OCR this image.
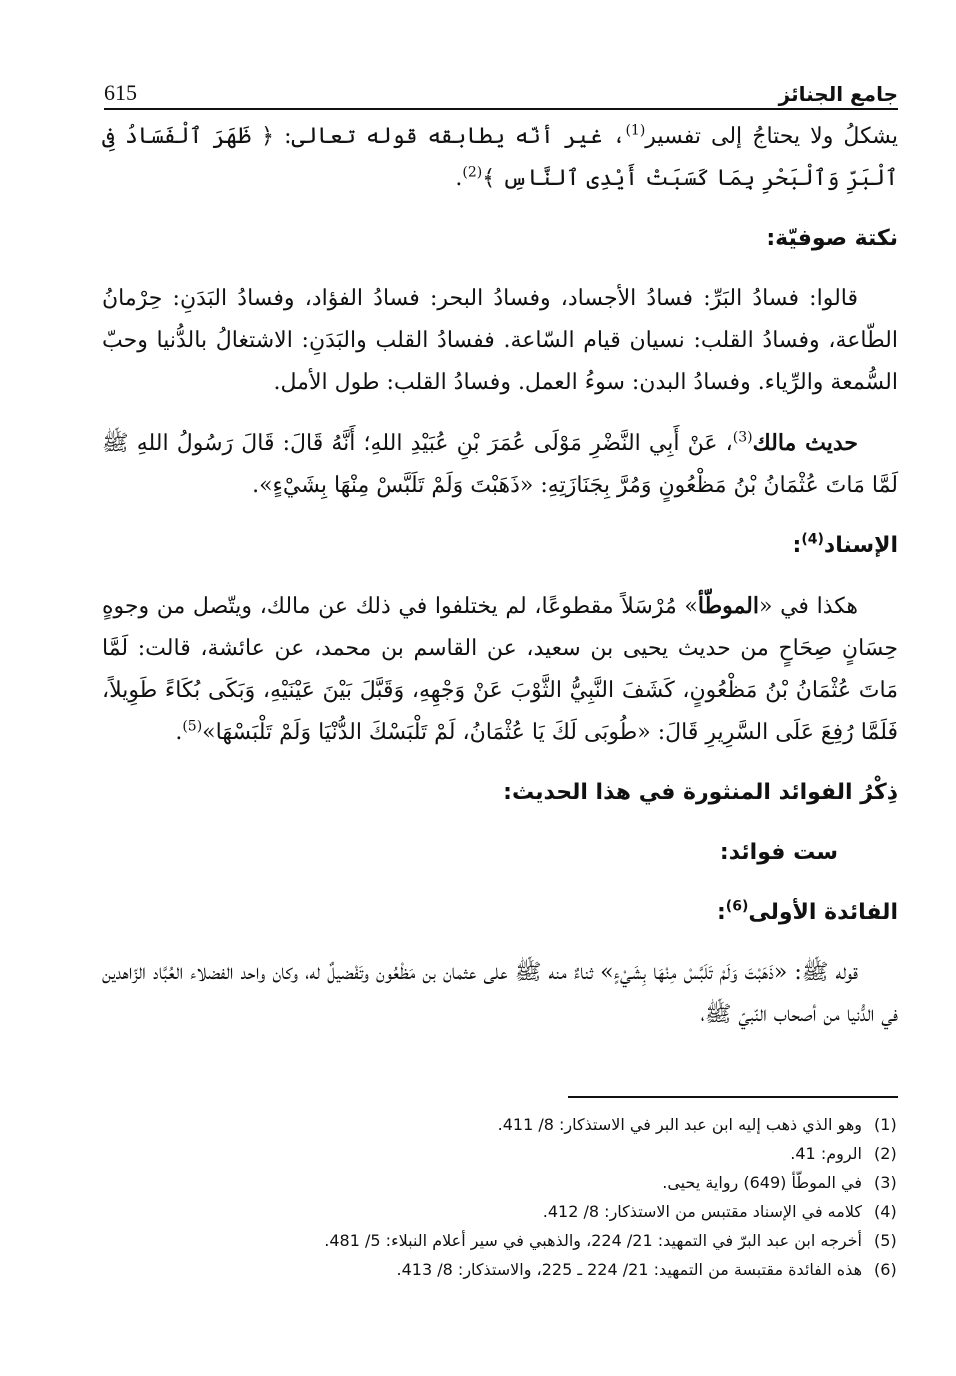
جامع الجنائز
615

يشكلُ ولا يحتاجُ إلى تفسير$^{(1)}$، غير أنّه يطابقه قوله تعالى: ﴿ ظَهَرَ ٱلْفَسَادُ فِى ٱلْبَرِّ وَٱلْبَحْرِ بِمَا كَسَبَتْ أَيْدِى ٱلنَّاسِ ﴾$^{(2)}$.

نكتة صوفيّة:

قالوا: فسادُ البَرِّ: فسادُ الأجساد، وفسادُ البحر: فسادُ الفؤاد، وفسادُ البَدَنِ: حِرْمانُ الطّاعة، وفسادُ القلب: نسيان قيام السّاعة. ففسادُ القلب والبَدَنِ: الاشتغالُ بالدُّنيا وحبّ السُّمعة والرِّياء. وفسادُ البدن: سوءُ العمل. وفسادُ القلب: طول الأمل.

حديث مالك$^{(3)}$، عَنْ أَبِي النَّضْرِ مَوْلَى عُمَرَ بْنِ عُبَيْدِ اللهِ؛ أَنَّهُ قَالَ: قَالَ رَسُولُ اللهِ ﷺ لَمَّا مَاتَ عُثْمَانُ بْنُ مَظْعُونٍ وَمُرَّ بِجَنَازَتِهِ: «ذَهَبْتَ وَلَمْ تَلَبَّسْ مِنْهَا بِشَيْءٍ».

الإسناد$^{(4)}$:

هكذا في «الموطّأ» مُرْسَلاً مقطوعًا، لم يختلفوا في ذلك عن مالك، ويتّصل من وجوهٍ حِسَانٍ صِحَاحٍ من حديث يحيى بن سعيد، عن القاسم بن محمد، عن عائشة، قالت: لَمَّا مَاتَ عُثْمَانُ بْنُ مَظْعُونٍ، كَشَفَ النَّبِيُّ الثَّوْبَ عَنْ وَجْهِهِ، وَقَبَّلَ بَيْنَ عَيْنَيْهِ، وَبَكَى بُكَاءً طَوِيلاً، فَلَمَّا رُفِعَ عَلَى السَّرِيرِ قَالَ: «طُوبَى لَكَ يَا عُثْمَانُ، لَمْ تَلْبَسْكَ الدُّنْيَا وَلَمْ تَلْبَسْهَا»$^{(5)}$.

ذِكْرُ الفوائد المنثورة في هذا الحديث:

ست فوائد:

الفائدة الأولى$^{(6)}$:

قوله ﷺ: «ذَهَبْتَ وَلَمْ تَلَبَّسْ مِنْهَا بِشَيْءٍ» ثناءٌ منه ﷺ على عثمان بن مَظْعُون وتَفْضيلٌ له، وكان واحد الفضلاء العُبَّاد الزّاهدين في الدُّنيا من أصحاب النّبيّ ﷺ،

(1)
وهو الذي ذهب إليه ابن عبد البر في الاستذكار: 8/ 411.
(2)
الروم: 41.
(3)
في الموطّأ (649) رواية يحيى.
(4)
كلامه في الإسناد مقتبس من الاستذكار: 8/ 412.
(5)
أخرجه ابن عبد البرّ في التمهيد: 21/ 224، والذهبي في سير أعلام النبلاء: 5/ 481.
(6)
هذه الفائدة مقتبسة من التمهيد: 21/ 224 ـ 225، والاستذكار: 8/ 413.
